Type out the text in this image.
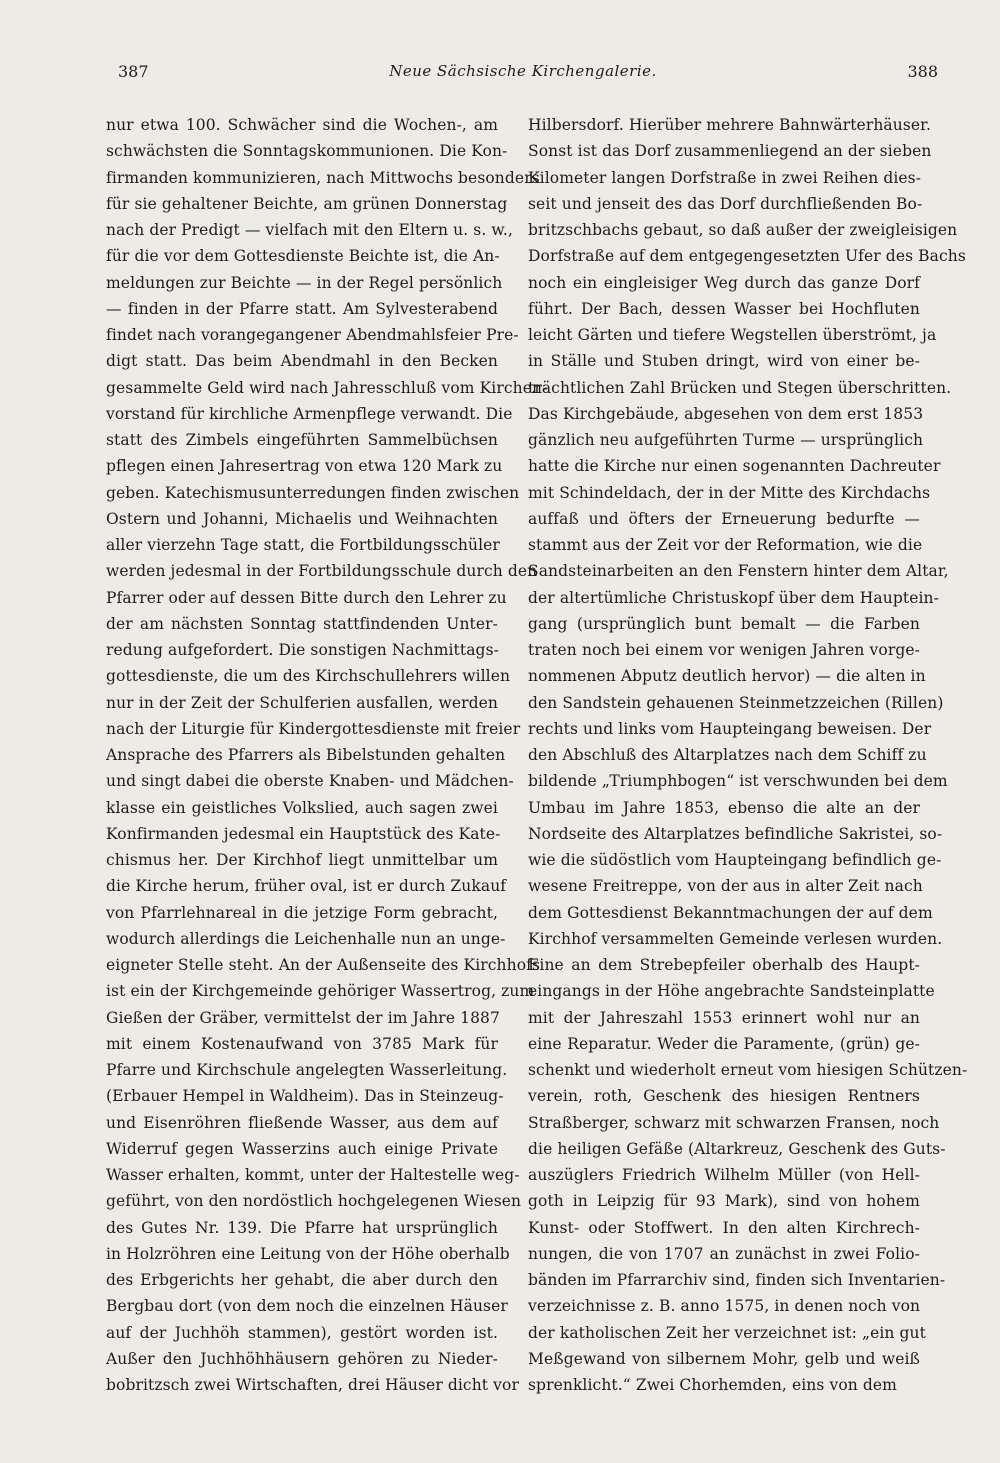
387	Neue Sächsische Kirchengalerie.	388
nur etwa 100. Schwächer sind die Wochen-, am
schwächsten die Sonntagskommunionen. Die Kon-
firmanden kommunizieren, nach Mittwochs besonders
für sie gehaltener Beichte, am grünen Donnerstag
nach der Predigt — vielfach mit den Eltern u. s. w.,
für die vor dem Gottesdienste Beichte ist, die An-
meldungen zur Beichte — in der Regel persönlich
— finden in der Pfarre statt. Am Sylvesterabend
findet nach vorangegangener Abendmahlsfeier Pre-
digt statt. Das beim Abendmahl in den Becken
gesammelte Geld wird nach Jahresschluß vom Kirchen-
vorstand für kirchliche Armenpflege verwandt. Die
statt des Zimbels eingeführten Sammelbüchsen
pflegen einen Jahresertrag von etwa 120 Mark zu
geben. Katechismusunterredungen finden zwischen
Ostern und Johanni, Michaelis und Weihnachten
aller vierzehn Tage statt, die Fortbildungsschüler
werden jedesmal in der Fortbildungsschule durch den
Pfarrer oder auf dessen Bitte durch den Lehrer zu
der am nächsten Sonntag stattfindenden Unter-
redung aufgefordert. Die sonstigen Nachmittags-
gottesdienste, die um des Kirchschullehrers willen
nur in der Zeit der Schulferien ausfallen, werden
nach der Liturgie für Kindergottesdienste mit freier
Ansprache des Pfarrers als Bibelstunden gehalten
und singt dabei die oberste Knaben- und Mädchen-
klasse ein geistliches Volkslied, auch sagen zwei
Konfirmanden jedesmal ein Hauptstück des Kate-
chismus her. Der Kirchhof liegt unmittelbar um
die Kirche herum, früher oval, ist er durch Zukauf
von Pfarrlehnareal in die jetzige Form gebracht,
wodurch allerdings die Leichenhalle nun an unge-
eigneter Stelle steht. An der Außenseite des Kirchhofs
ist ein der Kirchgemeinde gehöriger Wassertrog, zum
Gießen der Gräber, vermittelst der im Jahre 1887
mit einem Kostenaufwand von 3785 Mark für
Pfarre und Kirchschule angelegten Wasserleitung.
(Erbauer Hempel in Waldheim). Das in Steinzeug-
und Eisenröhren fließende Wasser, aus dem auf
Widerruf gegen Wasserzins auch einige Private
Wasser erhalten, kommt, unter der Haltestelle weg-
geführt, von den nordöstlich hochgelegenen Wiesen
des Gutes Nr. 139. Die Pfarre hat ursprünglich
in Holzröhren eine Leitung von der Höhe oberhalb
des Erbgerichts her gehabt, die aber durch den
Bergbau dort (von dem noch die einzelnen Häuser
auf der Juchhöh stammen), gestört worden ist.
Außer den Juchhöhhäusern gehören zu Nieder-
bobritzsch zwei Wirtschaften, drei Häuser dicht vor
Hilbersdorf. Hierüber mehrere Bahnwärterhäuser.
Sonst ist das Dorf zusammenliegend an der sieben
Kilometer langen Dorfstraße in zwei Reihen dies-
seit und jenseit des das Dorf durchfließenden Bo-
britzschbachs gebaut, so daß außer der zweigleisigen
Dorfstraße auf dem entgegengesetzten Ufer des Bachs
noch ein eingleisiger Weg durch das ganze Dorf
führt. Der Bach, dessen Wasser bei Hochfluten
leicht Gärten und tiefere Wegstellen überströmt, ja
in Ställe und Stuben dringt, wird von einer be-
trächtlichen Zahl Brücken und Stegen überschritten.
Das Kirchgebäude, abgesehen von dem erst 1853
gänzlich neu aufgeführten Turme — ursprünglich
hatte die Kirche nur einen sogenannten Dachreuter
mit Schindeldach, der in der Mitte des Kirchdachs
auffaß und öfters der Erneuerung bedurfte —
stammt aus der Zeit vor der Reformation, wie die
Sandsteinarbeiten an den Fenstern hinter dem Altar,
der altertümliche Christuskopf über dem Hauptein-
gang (ursprünglich bunt bemalt — die Farben
traten noch bei einem vor wenigen Jahren vorge-
nommenen Abputz deutlich hervor) — die alten in
den Sandstein gehauenen Steinmetzzeichen (Rillen)
rechts und links vom Haupteingang beweisen. Der
den Abschluß des Altarplatzes nach dem Schiff zu
bildende „Triumphbogen“ ist verschwunden bei dem
Umbau im Jahre 1853, ebenso die alte an der
Nordseite des Altarplatzes befindliche Sakristei, so-
wie die südöstlich vom Haupteingang befindlich ge-
wesene Freitreppe, von der aus in alter Zeit nach
dem Gottesdienst Bekanntmachungen der auf dem
Kirchhof versammelten Gemeinde verlesen wurden.
Eine an dem Strebepfeiler oberhalb des Haupt-
eingangs in der Höhe angebrachte Sandsteinplatte
mit der Jahreszahl 1553 erinnert wohl nur an
eine Reparatur. Weder die Paramente, (grün) ge-
schenkt und wiederholt erneut vom hiesigen Schützen-
verein, roth, Geschenk des hiesigen Rentners
Straßberger, schwarz mit schwarzen Fransen, noch
die heiligen Gefäße (Altarkreuz, Geschenk des Guts-
auszüglers Friedrich Wilhelm Müller (von Hell-
goth in Leipzig für 93 Mark), sind von hohem
Kunst- oder Stoffwert. In den alten Kirchrech-
nungen, die von 1707 an zunächst in zwei Folio-
bänden im Pfarrarchiv sind, finden sich Inventarien-
verzeichnisse z. B. anno 1575, in denen noch von
der katholischen Zeit her verzeichnet ist: „ein gut
Meßgewand von silbernem Mohr, gelb und weiß
sprenklicht.“ Zwei Chorhemden, eins von dem
